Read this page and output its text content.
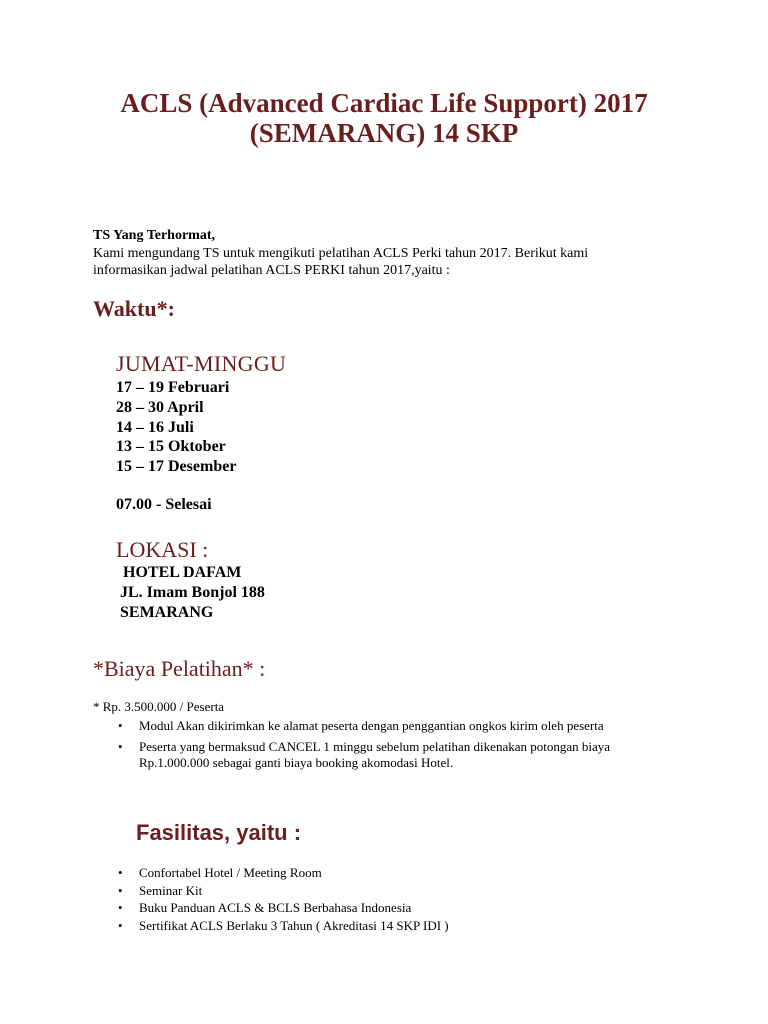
ACLS (Advanced Cardiac Life Support) 2017
(SEMARANG) 14 SKP
TS Yang Terhormat,
Kami mengundang TS untuk mengikuti pelatihan ACLS Perki tahun 2017. Berikut kami
informasikan jadwal pelatihan ACLS PERKI tahun 2017,yaitu :
Waktu*:
JUMAT-MINGGU
17 – 19 Februari
28 – 30 April
14 – 16 Juli
13 – 15 Oktober
15 – 17 Desember
07.00 - Selesai
LOKASI :
HOTEL DAFAM
JL. Imam Bonjol 188
SEMARANG
*Biaya Pelatihan* :
* Rp. 3.500.000 / Peserta
• Modul Akan dikirimkan ke alamat peserta dengan penggantian ongkos kirim oleh peserta
• Peserta yang bermaksud CANCEL 1 minggu sebelum pelatihan dikenakan potongan biaya Rp.1.000.000 sebagai ganti biaya booking akomodasi Hotel.
Fasilitas, yaitu :
• Confortabel Hotel / Meeting Room
• Seminar Kit
• Buku Panduan ACLS & BCLS Berbahasa Indonesia
• Sertifikat ACLS Berlaku 3 Tahun ( Akreditasi 14 SKP IDI )
